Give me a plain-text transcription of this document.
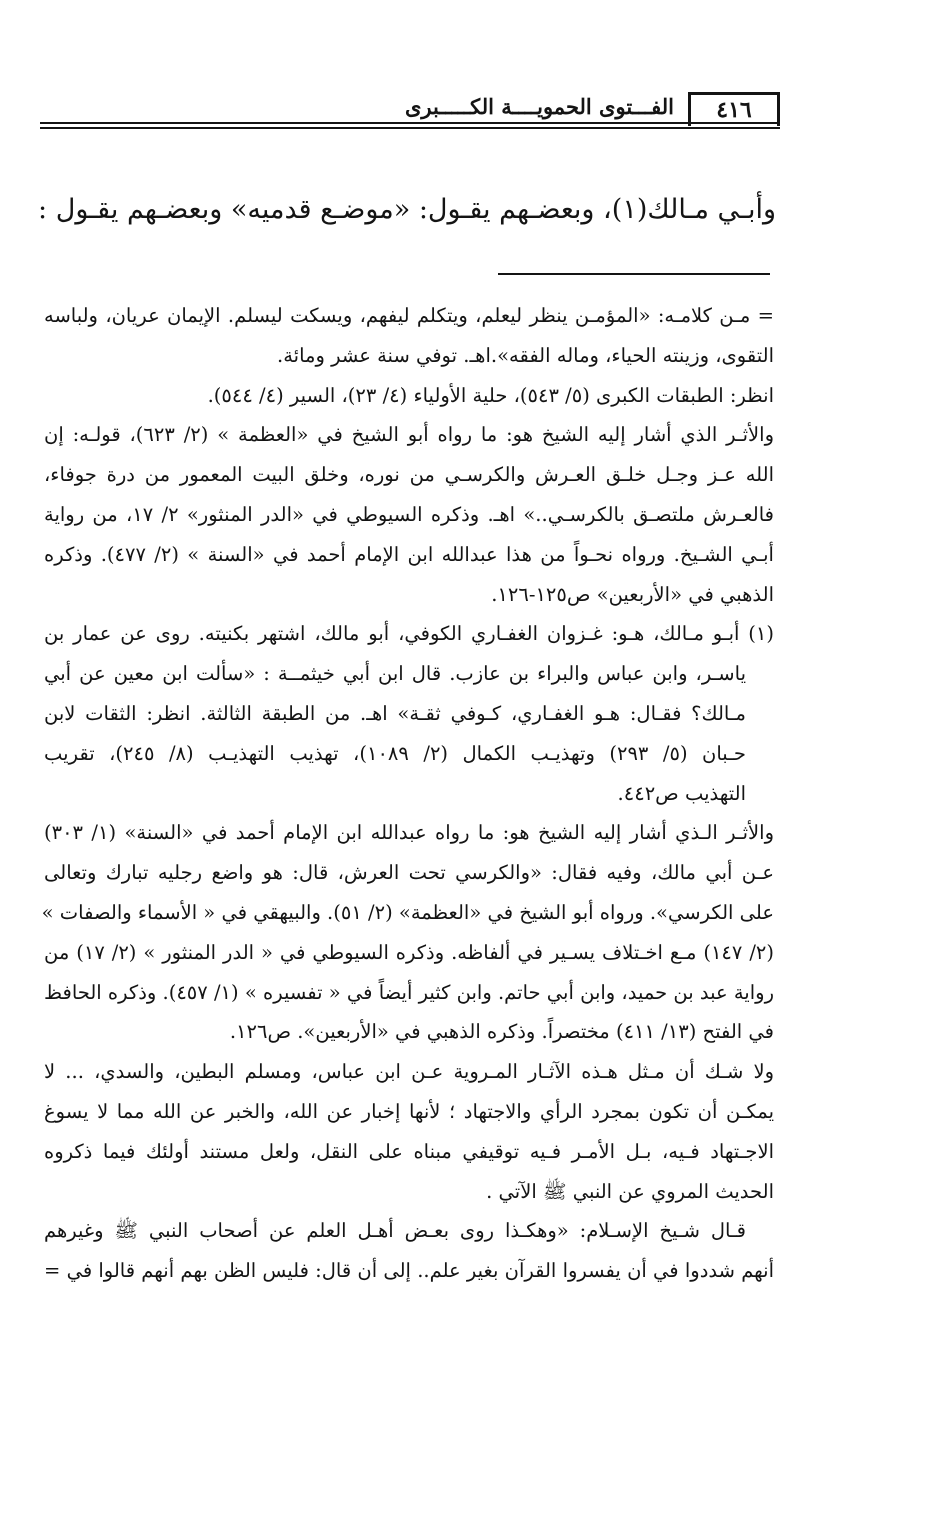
الفـــتوى الحمويــــة الكـــــبرى	٤١٦
وأبـي مـالك(١)، وبعضـهم يقـول: «موضـع قدميه» وبعضـهم يقـول :
= مـن كلامـه: «المؤمـن ينظر ليعلم، ويتكلم ليفهم، ويسكت ليسلم. الإيمان عريان، ولباسه
التقوى، وزينته الحياء، وماله الفقه».اهـ. توفي سنة عشر ومائة.
انظر: الطبقات الكبرى (٥/ ٥٤٣)، حلية الأولياء (٤/ ٢٣)، السير (٤/ ٥٤٤).
والأثـر الذي أشار إليه الشيخ هو: ما رواه أبو الشيخ في «العظمة » (٢/ ٦٢٣)، قولـه: إن
الله عـز وجـل خلـق العـرش والكرسـي من نوره، وخلق البيت المعمور من درة جوفاء،
فالعـرش ملتصـق بالكرسـي..» اهـ. وذكره السيوطي في «الدر المنثور» ٢/ ١٧، من رواية
أبـي الشـيخ. ورواه نحـواً من هذا عبدالله ابن الإمام أحمد في «السنة » (٢/ ٤٧٧). وذكره
الذهبي في «الأربعين» ص١٢٥-١٢٦.
(١) أبـو مـالك، هـو: غـزوان الغفـاري الكوفي، أبو مالك، اشتهر بكنيته. روى عن عمار بن
ياسـر، وابن عباس والبراء بن عازب. قال ابن أبي خيثمــة : «سألت ابن معين عن أبي
مـالك؟ فقـال: هـو الغفـاري، كـوفي ثقـة» اهـ. من الطبقة الثالثة. انظر: الثقات لابن
حـبان (٥/ ٢٩٣) وتهذيـب الكمال (٢/ ١٠٨٩)، تهذيب التهذيـب (٨/ ٢٤٥)، تقريب
التهذيب ص٤٤٢.
والأثـر الـذي أشار إليه الشيخ هو: ما رواه عبدالله ابن الإمام أحمد في «السنة» (١/ ٣٠٣)
عـن أبي مالك، وفيه فقال: «والكرسي تحت العرش، قال: هو واضع رجليه تبارك وتعالى
على الكرسي». ورواه أبو الشيخ في «العظمة» (٢/ ٥١). والبيهقي في « الأسماء والصفات »
(٢/ ١٤٧) مـع اخـتلاف يسـير في ألفاظه. وذكره السيوطي في « الدر المنثور » (٢/ ١٧) من
رواية عبد بن حميد، وابن أبي حاتم. وابن كثير أيضاً في « تفسيره » (١/ ٤٥٧). وذكره الحافظ
في الفتح (١٣/ ٤١١) مختصراً. وذكره الذهبي في «الأربعين». ص١٢٦.
ولا شـك أن مـثل هـذه الآثـار المـروية عـن ابن عباس، ومسلم البطين، والسدي، ... لا
يمكـن أن تكون بمجرد الرأي والاجتهاد ؛ لأنها إخبار عن الله، والخبر عن الله مما لا يسوغ
الاجـتهاد فـيه، بـل الأمـر فـيه توقيفي مبناه على النقل، ولعل مستند أولئك فيما ذكروه
الحديث المروي عن النبي ﷺ الآتي .
قـال شـيخ الإسـلام: «وهكـذا روى بعـض أهـل العلم عن أصحاب النبي ﷺ وغيرهم
أنهم شددوا في أن يفسروا القرآن بغير علم.. إلى أن قال: فليس الظن بهم أنهم قالوا في =
